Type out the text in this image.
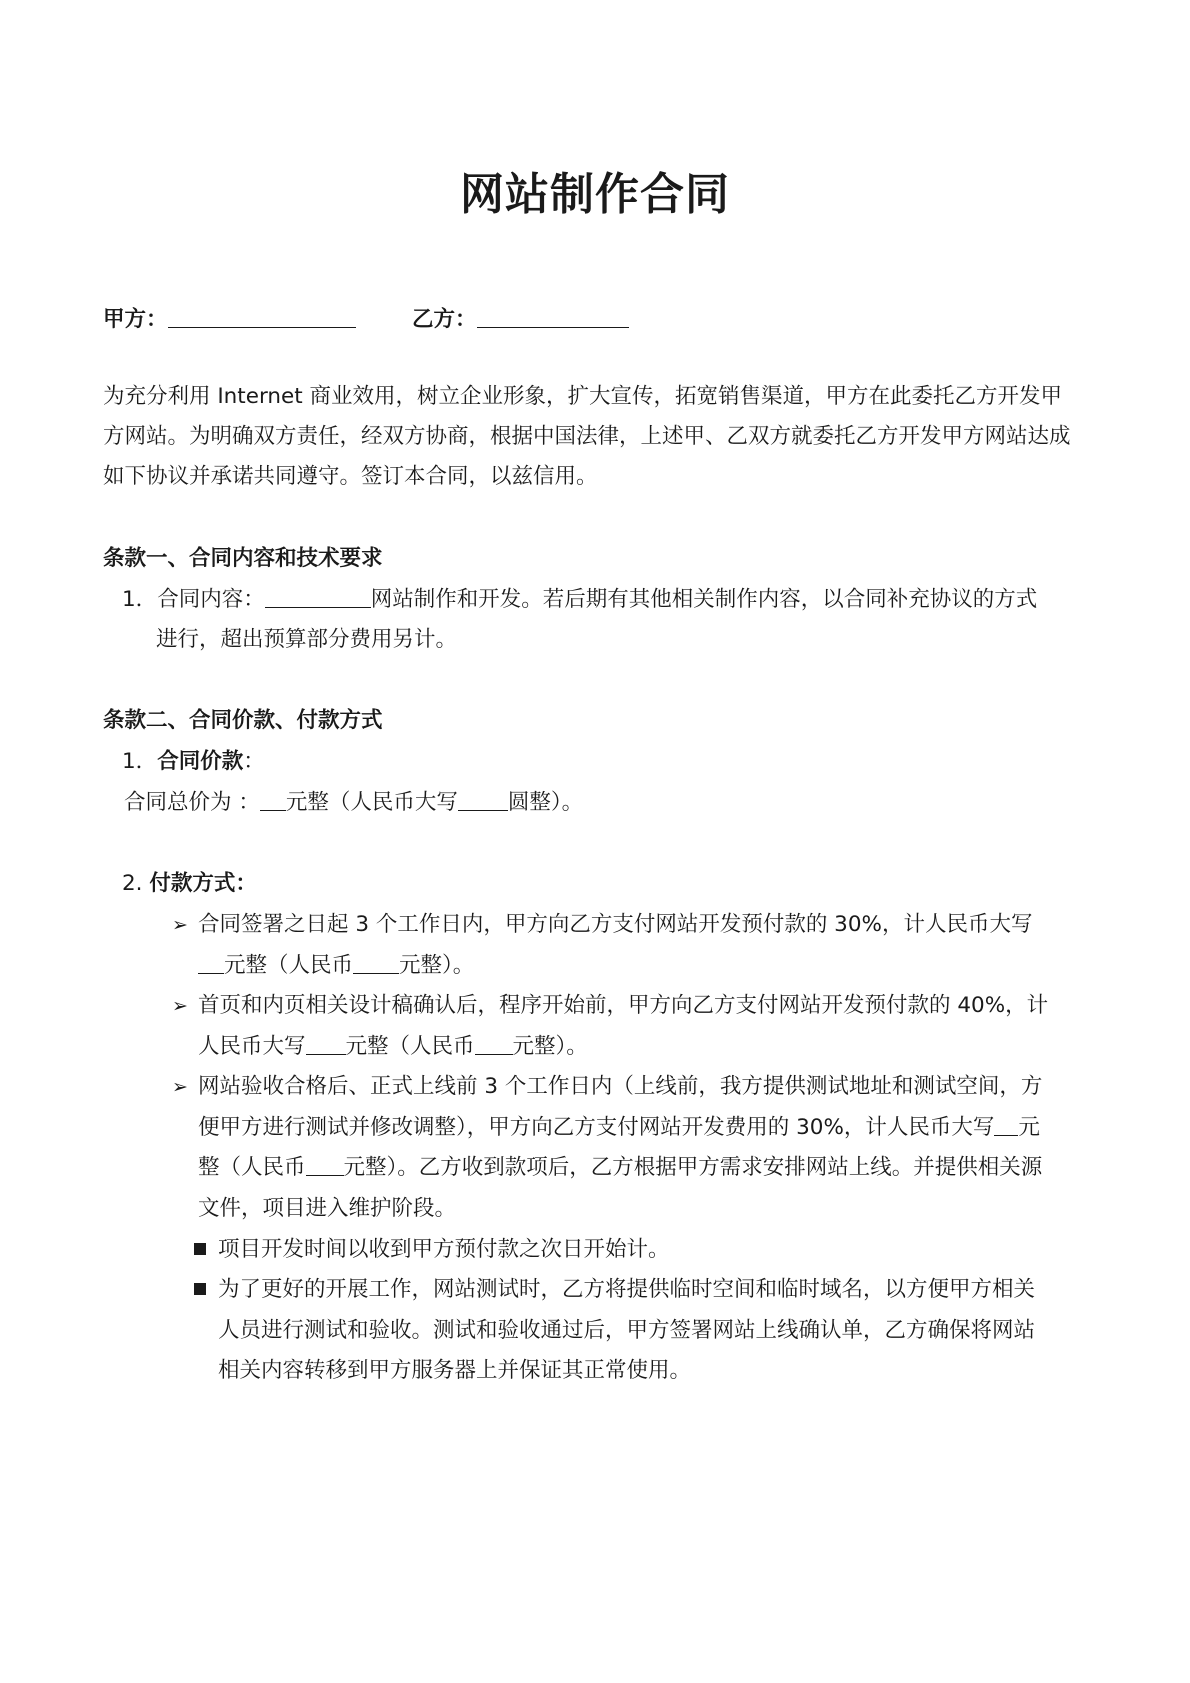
网站制作合同
甲方：	乙方：
为充分利用 Internet 商业效用，树立企业形象，扩大宣传，拓宽销售渠道，甲方在此委托乙方开发甲
方网站。为明确双方责任，经双方协商，根据中国法律，上述甲、乙双方就委托乙方开发甲方网站达成
如下协议并承诺共同遵守。签订本合同，以兹信用。
条款一、合同内容和技术要求
1．合同内容：	网站制作和开发。若后期有其他相关制作内容，以合同补充协议的方式
进行，超出预算部分费用另计。
条款二、合同价款、付款方式
1．合同价款：
合同总价为 ： 元整（人民币大写 圆整）。
2. 付款方式：
➢ 合同签署之日起 3 个工作日内，甲方向乙方支付网站开发预付款的 30%，计人民币大写
元整（人民币 元整）。
➢ 首页和内页相关设计稿确认后，程序开始前，甲方向乙方支付网站开发预付款的 40%，计
人民币大写 元整（人民币 元整）。
➢ 网站验收合格后、正式上线前 3 个工作日内（上线前，我方提供测试地址和测试空间，方
便甲方进行测试并修改调整），甲方向乙方支付网站开发费用的 30%，计人民币大写 元
整（人民币 元整）。乙方收到款项后，乙方根据甲方需求安排网站上线。并提供相关源
文件，项目进入维护阶段。
项目开发时间以收到甲方预付款之次日开始计。
为了更好的开展工作，网站测试时，乙方将提供临时空间和临时域名，以方便甲方相关
人员进行测试和验收。测试和验收通过后，甲方签署网站上线确认单，乙方确保将网站
相关内容转移到甲方服务器上并保证其正常使用。
